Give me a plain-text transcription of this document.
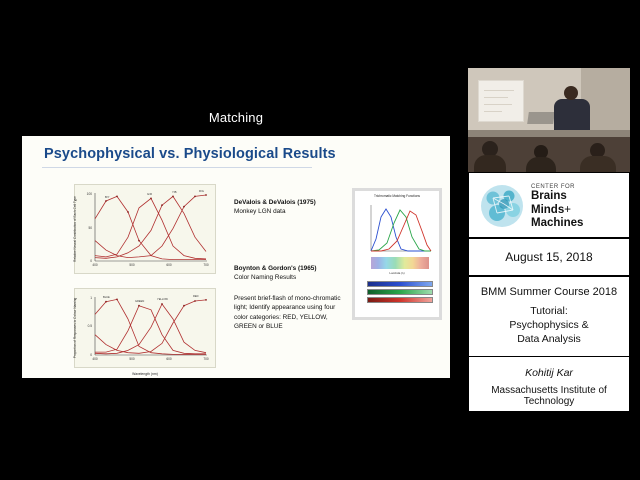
Matching
Psychophysical vs. Physiological Results
100
50
0
400	500	600	700
B/Y
G/R	Y/B	R/G
Relative Neural Contribution of Each Cell Type
1
0.5
0
400	500	600	700
BLUE
GREEN
YELLOW
RED
Proportion of Responses in Colour Naming
Wavelength (nm)
DeValois & DeValois (1975)
Monkey LGN data
Boynton & Gordon's (1965)
Color Naming Results
Present brief-flash of mono-chromatic light; Identify appearance using four color categories: RED, YELLOW, GREEN or BLUE
Trichromatic Matching Functions
Lambda (λ)
CENTER FOR
Brains
Minds+
Machines
August 15, 2018
BMM Summer Course 2018
Tutorial:
Psychophysics &
Data Analysis
Kohitij Kar
Massachusetts Institute of Technology
